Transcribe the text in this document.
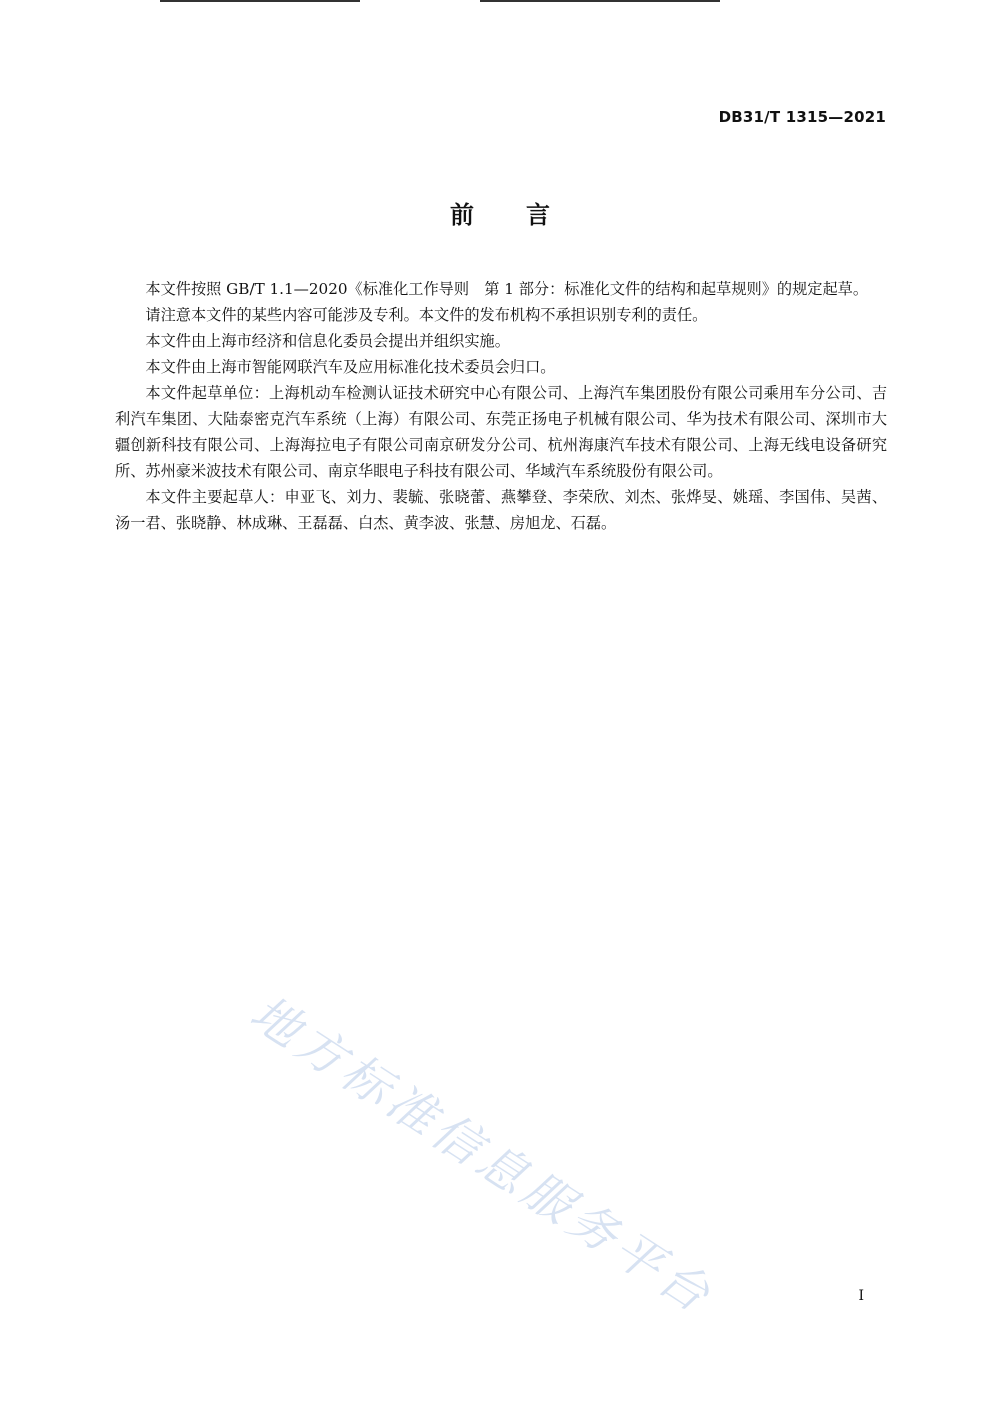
DB31/T 1315—2021
前言

本文件按照 GB/T 1.1—2020《标准化工作导则　第 1 部分：标准化文件的结构和起草规则》的规定起草。

请注意本文件的某些内容可能涉及专利。本文件的发布机构不承担识别专利的责任。

本文件由上海市经济和信息化委员会提出并组织实施。

本文件由上海市智能网联汽车及应用标准化技术委员会归口。

本文件起草单位：上海机动车检测认证技术研究中心有限公司、上海汽车集团股份有限公司乘用车分公司、吉利汽车集团、大陆泰密克汽车系统（上海）有限公司、东莞正扬电子机械有限公司、华为技术有限公司、深圳市大疆创新科技有限公司、上海海拉电子有限公司南京研发分公司、杭州海康汽车技术有限公司、上海无线电设备研究所、苏州豪米波技术有限公司、南京华眼电子科技有限公司、华域汽车系统股份有限公司。

本文件主要起草人：申亚飞、刘力、裴毓、张晓蕾、燕攀登、李荣欣、刘杰、张烨旻、姚瑶、李国伟、吴茜、汤一君、张晓静、林成琳、王磊磊、白杰、黄李波、张慧、房旭龙、石磊。

地方标准信息服务平台	I
